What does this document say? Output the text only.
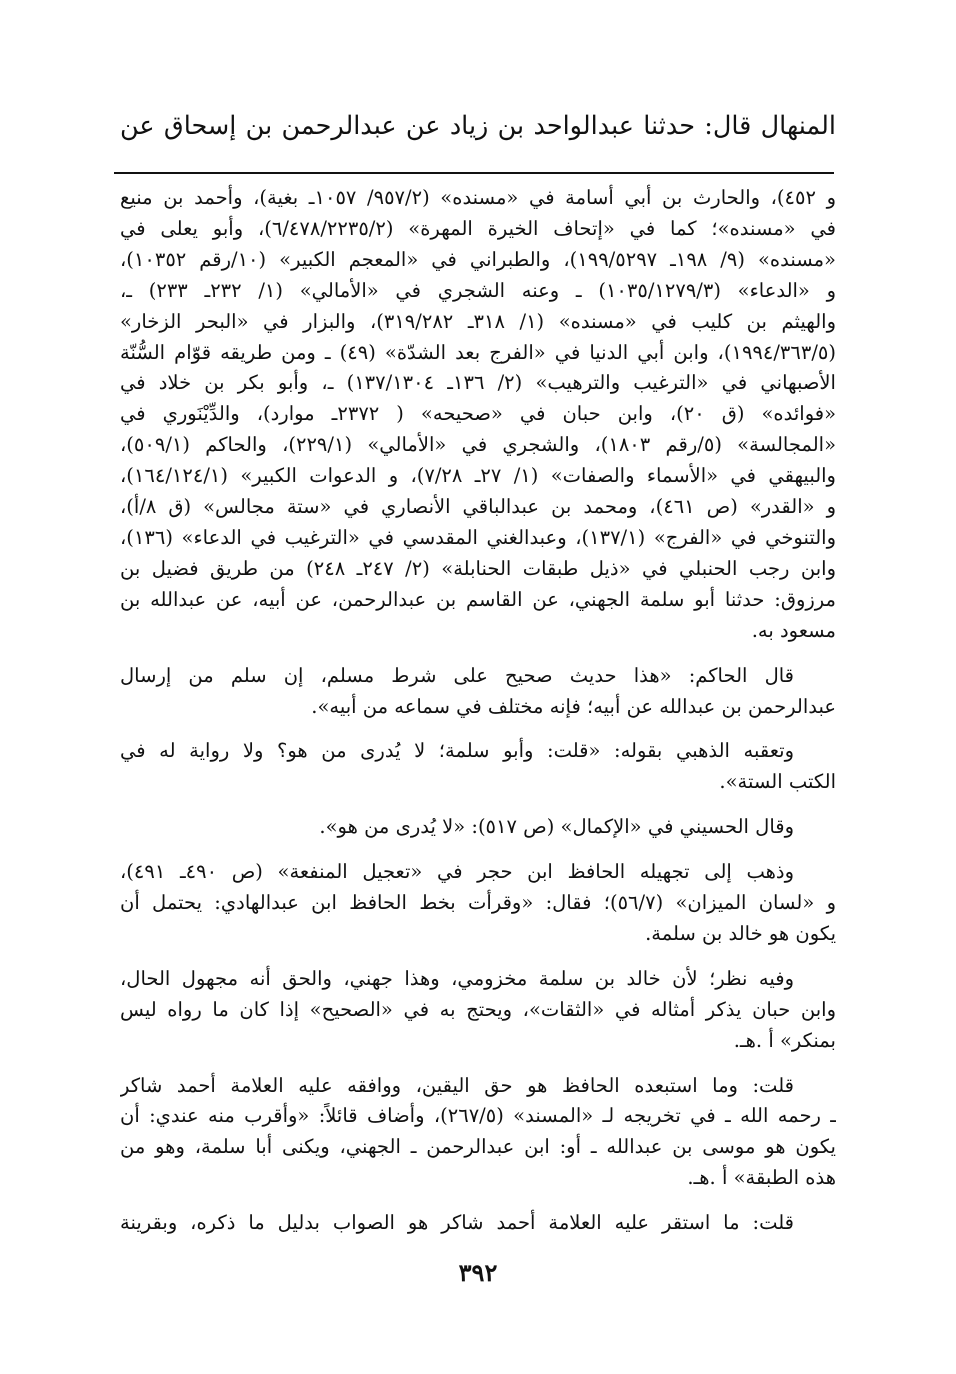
المنهال قال: حدثنا عبدالواحد بن زياد عن عبدالرحمن بن إسحاق عن
و ٤٥٢)، والحارث بن أبي أسامة في «مسنده» (٩٥٧/٢/ ١٠٥٧ـ بغية)، وأحمد بن منيع
في «مسنده»؛ كما في «إتحاف الخيرة المهرة» (٦/٤٧٨/٢٢٣٥/٢)، وأبو يعلى في
«مسنده» (٩/ ١٩٨ـ ١٩٩/٥٢٩٧)، والطبراني في «المعجم الكبير» (١٠/رقم ١٠٣٥٢)،
و «الدعاء» (١٠٣٥/١٢٧٩/٣) ـ وعنه الشجري في «الأمالي» (١/ ٢٣٢ـ ٢٣٣) ـ،
والهيثم بن كليب في «مسنده» (١/ ٣١٨ـ ٣١٩/٢٨٢)، والبزار في «البحر الزخار»
(١٩٩٤/٣٦٣/٥)، وابن أبي الدنيا في «الفرج بعد الشدّة» (٤٩) ـ ومن طريقه قوّام السُّنّة
الأصبهاني في «الترغيب والترهيب» (٢/ ١٣٦ـ ١٣٧/١٣٠٤) ـ، وأبو بكر بن خلاد في
«فوائده» (ق ٢٠)، وابن حبان في «صحيحه» ( ٢٣٧٢ـ موارد)، والدِّيْنَوري في
«المجالسة» (٥/رقم ١٨٠٣)، والشجري في «الأمالي» (٢٢٩/١)، والحاكم (٥٠٩/١)،
والبيهقي في «الأسماء والصفات» (١/ ٢٧ـ ٧/٢٨)، و الدعوات الكبير» (١٦٤/١٢٤/١)،
و «القدر» (ص ٤٦١)، ومحمد بن عبدالباقي الأنصاري في «ستة مجالس» (ق ٨/أ)،
والتنوخي في «الفرج» (١٣٧/١)، وعبدالغني المقدسي في «الترغيب في الدعاء» (١٣٦)،
وابن رجب الحنبلي في «ذيل طبقات الحنابلة» (٢/ ٢٤٧ـ ٢٤٨) من طريق فضيل بن
مرزوق: حدثنا أبو سلمة الجهني، عن القاسم بن عبدالرحمن، عن أبيه، عن عبدالله بن
مسعود به.
قال الحاكم: «هذا حديث صحيح على شرط مسلم، إن سلم من إرسال
عبدالرحمن بن عبدالله عن أبيه؛ فإنه مختلف في سماعه من أبيه».
وتعقبه الذهبي بقوله: «قلت: وأبو سلمة؛ لا يُدرى من هو؟ ولا رواية له في
الكتب الستة».
وقال الحسيني في «الإكمال» (ص ٥١٧): «لا يُدرى من هو».
وذهب إلى تجهيله الحافظ ابن حجر في «تعجيل المنفعة» (ص ٤٩٠ـ ٤٩١)،
و «لسان الميزان» (٥٦/٧)؛ فقال: «وقرأت بخط الحافظ ابن عبدالهادي: يحتمل أن
يكون هو خالد بن سلمة.
وفيه نظر؛ لأن خالد بن سلمة مخزومي، وهذا جهني، والحق أنه مجهول الحال،
وابن حبان يذكر أمثاله في «الثقات»، ويحتج به في «الصحيح» إذا كان ما رواه ليس
بمنكر» أ .هـ.
قلت: وما استبعده الحافظ هو حق اليقين، ووافقه عليه العلامة أحمد شاكر
ـ رحمه الله ـ في تخريجه لـ «المسند» (٢٦٧/٥)، وأضاف قائلاً: «وأقرب منه عندي: أن
يكون هو موسى بن عبدالله ـ أو: ابن عبدالرحمن ـ الجهني، ويكنى أبا سلمة، وهو من
هذه الطبقة» أ .هـ.
قلت: ما استقر عليه العلامة أحمد شاكر هو الصواب بدليل ما ذكره، وبقرينة
٣٩٢
